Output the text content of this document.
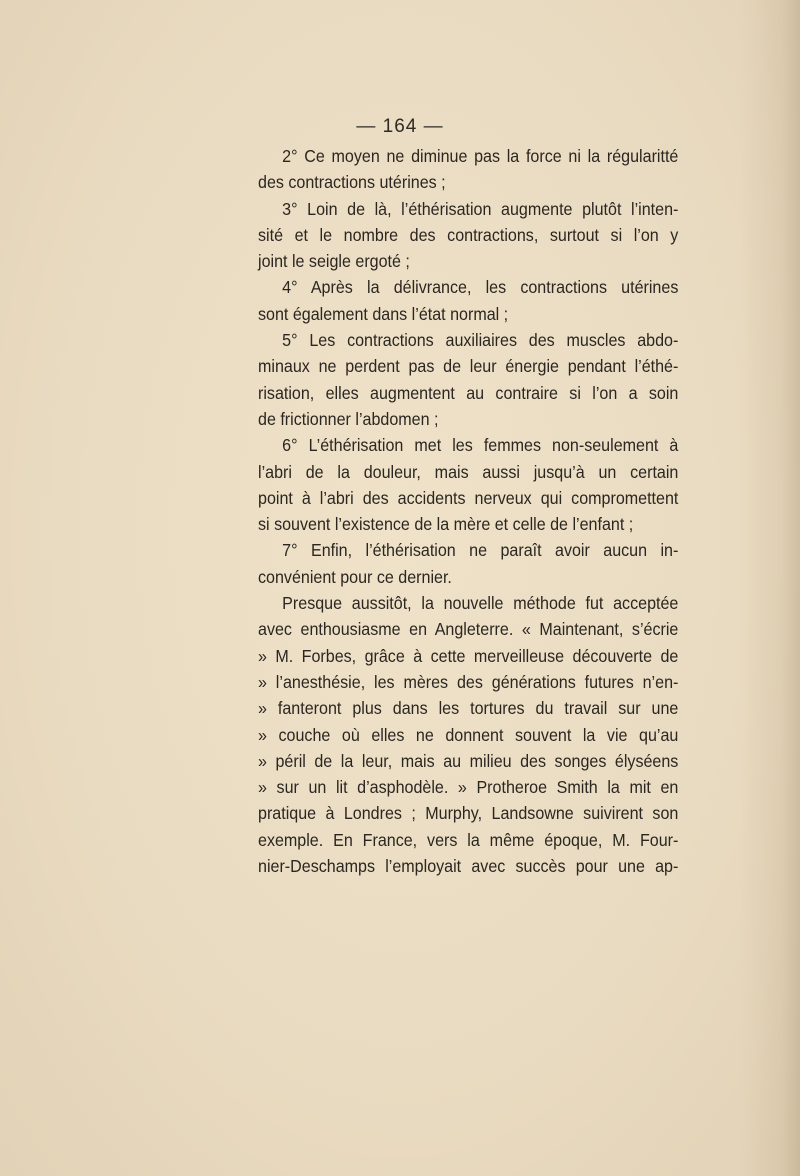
— 164 —
2° Ce moyen ne diminue pas la force ni la régularitté
des contractions utérines ;
3° Loin de là, l’éthérisation augmente plutôt l’inten-
sité et le nombre des contractions, surtout si l’on y
joint le seigle ergoté ;
4° Après la délivrance, les contractions utérines
sont également dans l’état normal ;
5° Les contractions auxiliaires des muscles abdo-
minaux ne perdent pas de leur énergie pendant l’éthé-
risation, elles augmentent au contraire si l’on a soin
de frictionner l’abdomen ;
6° L’éthérisation met les femmes non-seulement à
l’abri de la douleur, mais aussi jusqu’à un certain
point à l’abri des accidents nerveux qui compromettent
si souvent l’existence de la mère et celle de l’enfant ;
7° Enfin, l’éthérisation ne paraît avoir aucun in-
convénient pour ce dernier.
Presque aussitôt, la nouvelle méthode fut acceptée
avec enthousiasme en Angleterre. « Maintenant, s’écrie
» M. Forbes, grâce à cette merveilleuse découverte de
» l’anesthésie, les mères des générations futures n’en-
» fanteront plus dans les tortures du travail sur une
» couche où elles ne donnent souvent la vie qu’au
» péril de la leur, mais au milieu des songes élyséens
» sur un lit d’asphodèle. » Protheroe Smith la mit en
pratique à Londres ; Murphy, Landsowne suivirent son
exemple. En France, vers la même époque, M. Four-
nier-Deschamps l’employait avec succès pour une ap-
